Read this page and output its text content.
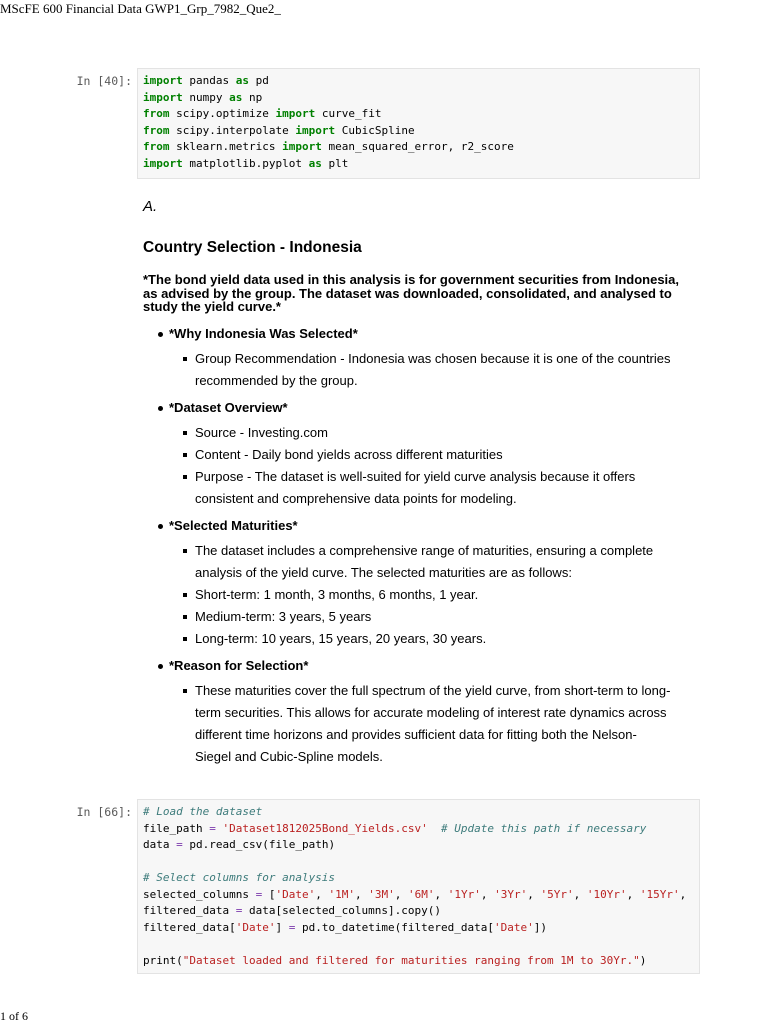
MScFE 600 Financial Data GWP1_Grp_7982_Que2_
In [40]: import pandas as pd
import numpy as np
from scipy.optimize import curve_fit
from scipy.interpolate import CubicSpline
from sklearn.metrics import mean_squared_error, r2_score
import matplotlib.pyplot as plt
A.
Country Selection - Indonesia
*The bond yield data used in this analysis is for government securities from Indonesia,
as advised by the group. The dataset was downloaded, consolidated, and analysed to
study the yield curve.*
*Why Indonesia Was Selected*
Group Recommendation - Indonesia was chosen because it is one of the countries
recommended by the group.
*Dataset Overview*
Source - Investing.com
Content - Daily bond yields across different maturities
Purpose - The dataset is well-suited for yield curve analysis because it offers
consistent and comprehensive data points for modeling.
*Selected Maturities*
The dataset includes a comprehensive range of maturities, ensuring a complete
analysis of the yield curve. The selected maturities are as follows:
Short-term: 1 month, 3 months, 6 months, 1 year.
Medium-term: 3 years, 5 years
Long-term: 10 years, 15 years, 20 years, 30 years.
*Reason for Selection*
These maturities cover the full spectrum of the yield curve, from short-term to long-
term securities. This allows for accurate modeling of interest rate dynamics across
different time horizons and provides sufficient data for fitting both the Nelson-
Siegel and Cubic-Spline models.
In [66]: # Load the dataset
file_path = 'Dataset1812025Bond_Yields.csv'  # Update this path if necessary
data = pd.read_csv(file_path)
# Select columns for analysis
selected_columns = ['Date', '1M', '3M', '6M', '1Yr', '3Yr', '5Yr', '10Yr', '15Yr',
filtered_data = data[selected_columns].copy()
filtered_data['Date'] = pd.to_datetime(filtered_data['Date'])
print("Dataset loaded and filtered for maturities ranging from 1M to 30Yr.")
1 of 6
